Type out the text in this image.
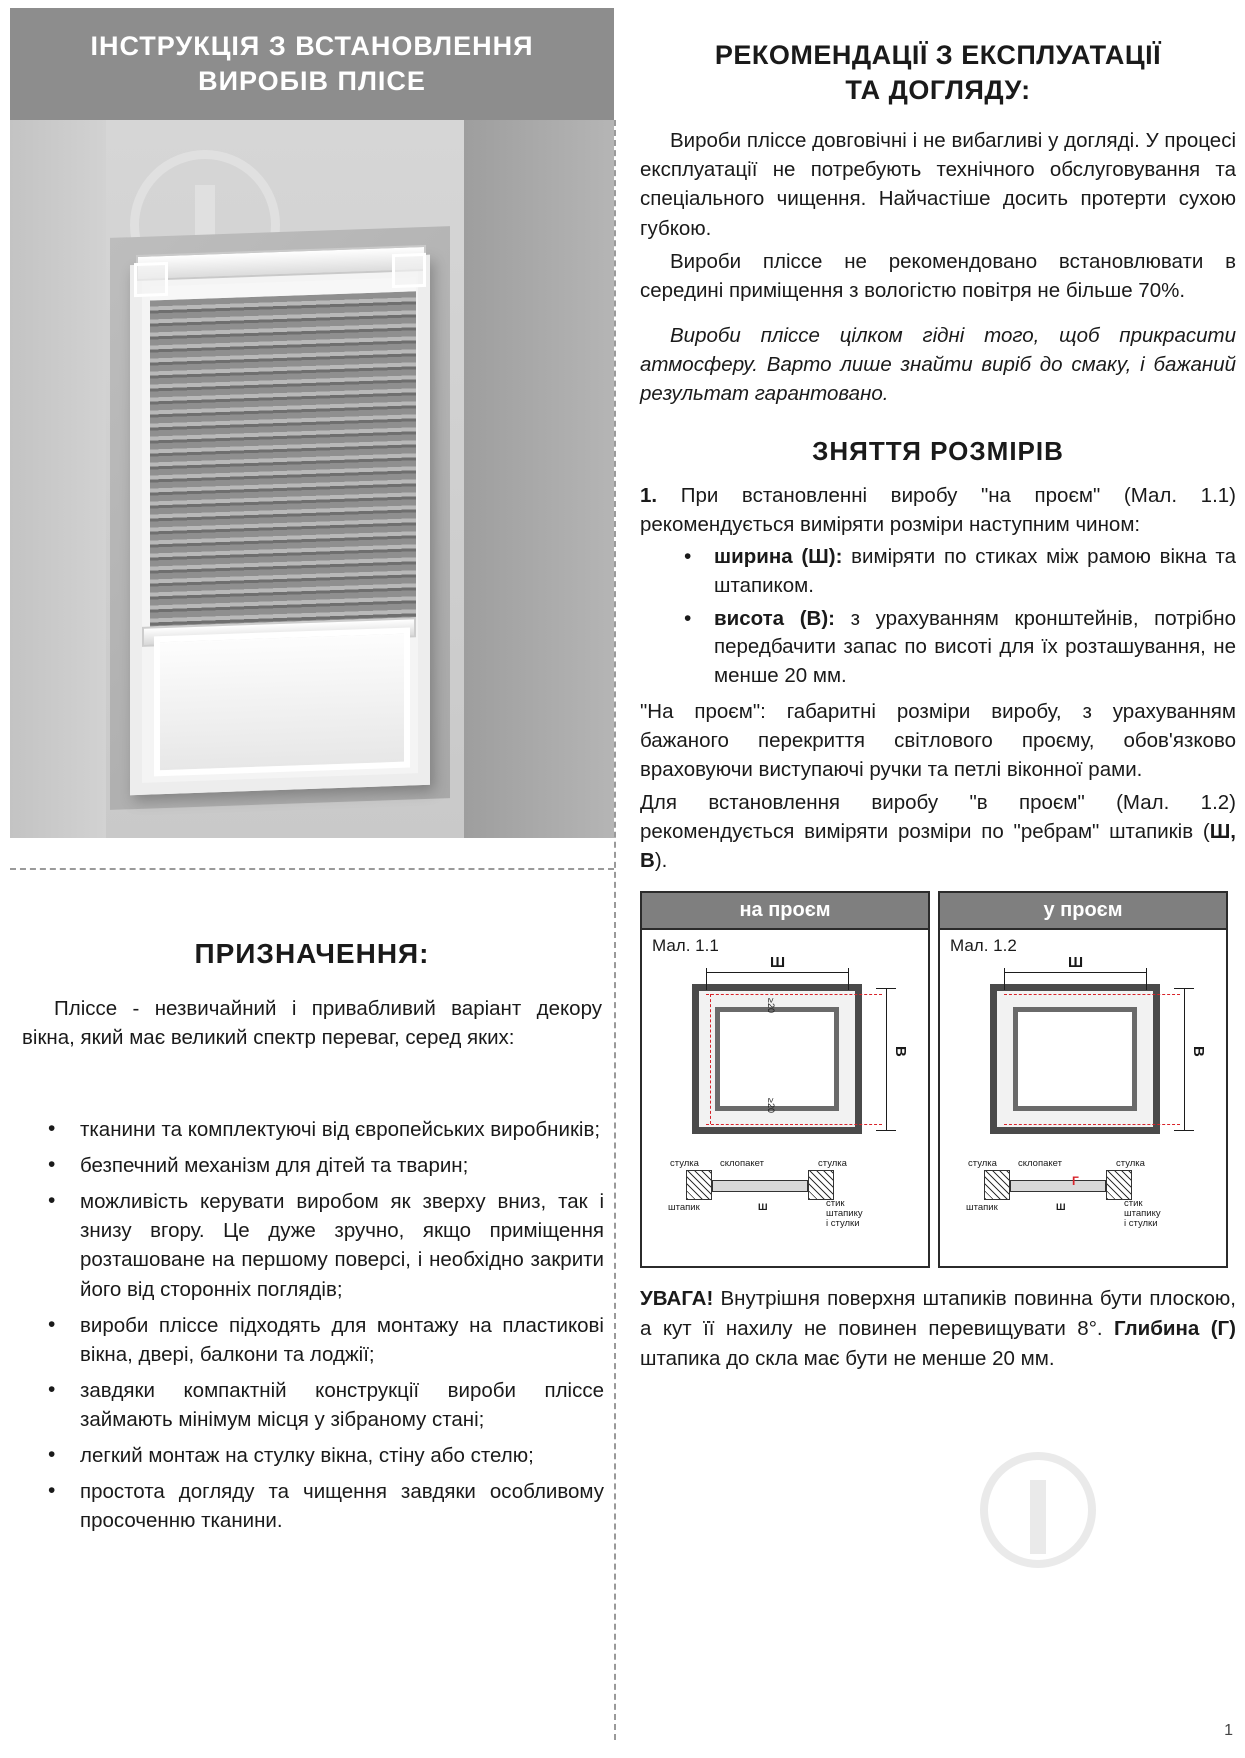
ІНСТРУКЦІЯ З ВСТАНОВЛЕННЯ
ВИРОБІВ ПЛІСЕ
ПРИЗНАЧЕННЯ:

Пліссе - незвичайний і привабливий варіант декору вікна, який має великий спектр переваг, серед яких:

• тканини та комплектуючі від європейських виробників;
• безпечний механізм для дітей та тварин;
• можливість керувати виробом як зверху вниз, так і знизу вгору. Це дуже зручно, якщо приміщення розташоване на першому поверсі, і необхідно закрити його від сторонніх поглядів;
• вироби пліссе підходять для монтажу на пластикові вікна, двері, балкони та лоджії;
• завдяки компактній конструкції вироби пліссе займають мінімум місця у зібраному стані;
• легкий монтаж на стулку вікна, стіну або стелю;
• простота догляду та чищення завдяки особливому просоченню тканини.
РЕКОМЕНДАЦІЇ З ЕКСПЛУАТАЦІЇ
ТА ДОГЛЯДУ:

Вироби пліссе довговічні і не вибагливі у догляді. У процесі експлуатації не потребують технічного обслуговування та спеціального чищення. Найчастіше досить протерти сухою губкою.

Вироби пліссе не рекомендовано встановлювати в середині приміщення з вологістю повітря не більше 70%.

Вироби пліссе цілком гідні того, щоб прикрасити атмосферу. Варто лише знайти виріб до смаку, і бажаний результат гарантовано.

ЗНЯТТЯ РОЗМІРІВ

1. При встановленні виробу "на проєм" (Мал. 1.1) рекомендується виміряти розміри наступним чином:

• ширина (Ш): виміряти по стиках між рамою вікна та штапиком.
• висота (В): з урахуванням кронштейнів, потрібно передбачити запас по висоті для їх розташування, не менше 20 мм.

"На проєм": габаритні розміри виробу, з урахуванням бажаного перекриття світлового проєму, обов'язково враховуючи виступаючі ручки та петлі віконної рами.

Для встановлення виробу "в проєм" (Мал. 1.2) рекомендується виміряти розміри по "ребрам" штапиків (Ш, В).

на проєм
Мал. 1.1
Ш
В
≥20
≥20
стулка склопакет	стулка
штапик	Ш	стик
штапику
і стулки
у проєм
Мал. 1.2
Ш
В
стулка склопакет	стулка
штапик	Ш	стик
штапику
і стулки
Г
УВАГА! Внутрішня поверхня штапиків повинна бути плоскою, а кут її нахилу не повинен перевищувати 8°. Глибина (Г) штапика до скла має бути не менше 20 мм.
1
